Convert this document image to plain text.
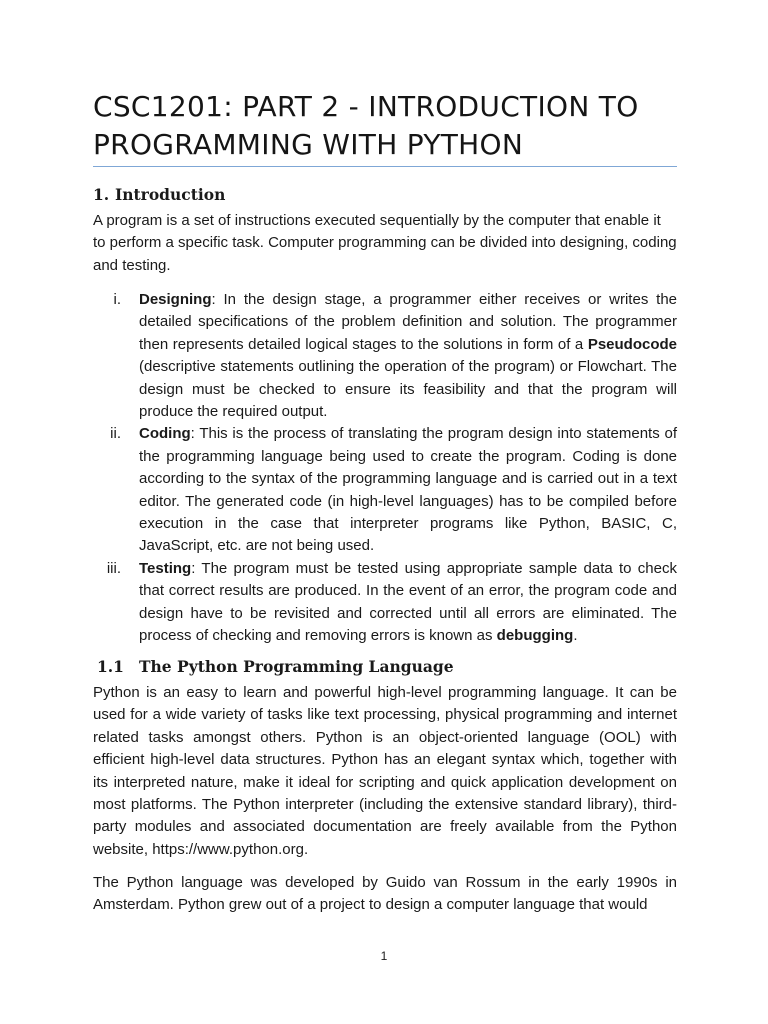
CSC1201: PART 2 - INTRODUCTION TO PROGRAMMING WITH PYTHON
1. Introduction

A program is a set of instructions executed sequentially by the computer that enable it to perform a specific task. Computer programming can be divided into designing, coding and testing.

i. Designing: In the design stage, a programmer either receives or writes the detailed specifications of the problem definition and solution. The programmer then represents detailed logical stages to the solutions in form of a Pseudocode (descriptive statements outlining the operation of the program) or Flowchart. The design must be checked to ensure its feasibility and that the program will produce the required output.
ii. Coding: This is the process of translating the program design into statements of the programming language being used to create the program. Coding is done according to the syntax of the programming language and is carried out in a text editor. The generated code (in high-level languages) has to be compiled before execution in the case that interpreter programs like Python, BASIC, C, JavaScript, etc. are not being used.
iii. Testing: The program must be tested using appropriate sample data to check that correct results are produced. In the event of an error, the program code and design have to be revisited and corrected until all errors are eliminated. The process of checking and removing errors is known as debugging.
1.1 The Python Programming Language

Python is an easy to learn and powerful high-level programming language. It can be used for a wide variety of tasks like text processing, physical programming and internet related tasks amongst others. Python is an object-oriented language (OOL) with efficient high-level data structures. Python has an elegant syntax which, together with its interpreted nature, make it ideal for scripting and quick application development on most platforms. The Python interpreter (including the extensive standard library), third-party modules and associated documentation are freely available from the Python website, https://www.python.org.

The Python language was developed by Guido van Rossum in the early 1990s in Amsterdam. Python grew out of a project to design a computer language that would

1
